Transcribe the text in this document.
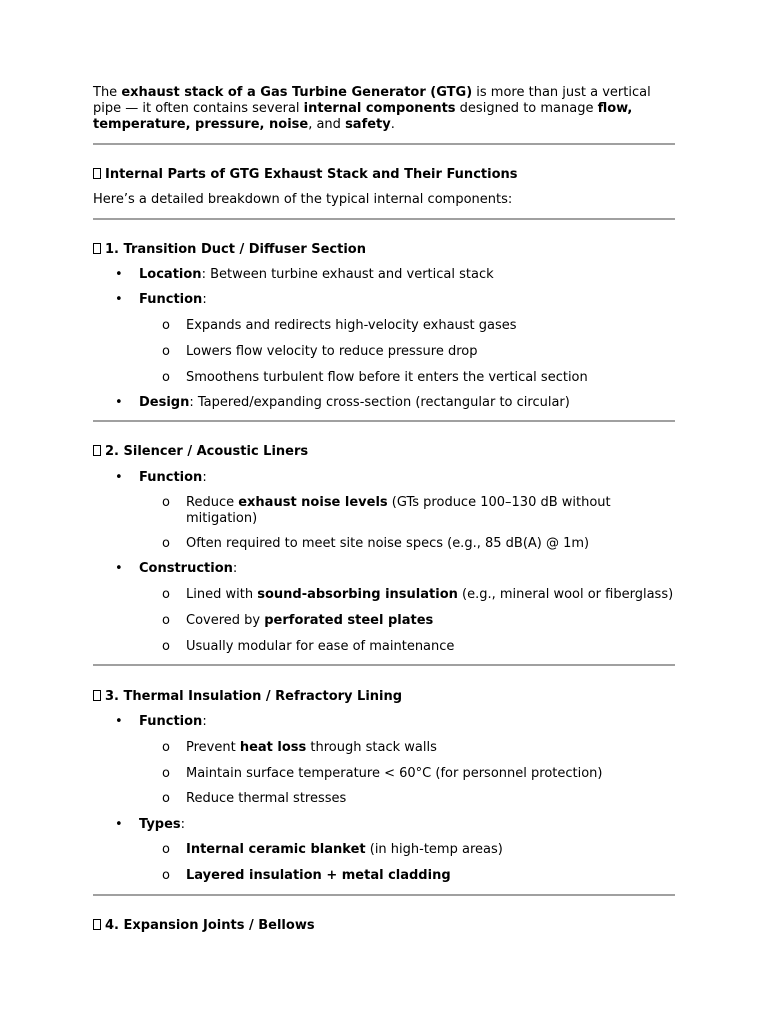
The exhaust stack of a Gas Turbine Generator (GTG) is more than just a vertical pipe — it often contains several internal components designed to manage flow, temperature, pressure, noise, and safety.
Internal Parts of GTG Exhaust Stack and Their Functions
Here’s a detailed breakdown of the typical internal components:
1. Transition Duct / Diffuser Section
• Location: Between turbine exhaust and vertical stack
• Function:
o Expands and redirects high-velocity exhaust gases
o Lowers flow velocity to reduce pressure drop
o Smoothens turbulent flow before it enters the vertical section
• Design: Tapered/expanding cross-section (rectangular to circular)
2. Silencer / Acoustic Liners
• Function:
o Reduce exhaust noise levels (GTs produce 100–130 dB without
mitigation)
o Often required to meet site noise specs (e.g., 85 dB(A) @ 1m)
• Construction:
o Lined with sound-absorbing insulation (e.g., mineral wool or fiberglass)
o Covered by perforated steel plates
o Usually modular for ease of maintenance
3. Thermal Insulation / Refractory Lining
• Function:
o Prevent heat loss through stack walls
o Maintain surface temperature < 60°C (for personnel protection)
o Reduce thermal stresses
• Types:
o Internal ceramic blanket (in high-temp areas)
o Layered insulation + metal cladding
4. Expansion Joints / Bellows
